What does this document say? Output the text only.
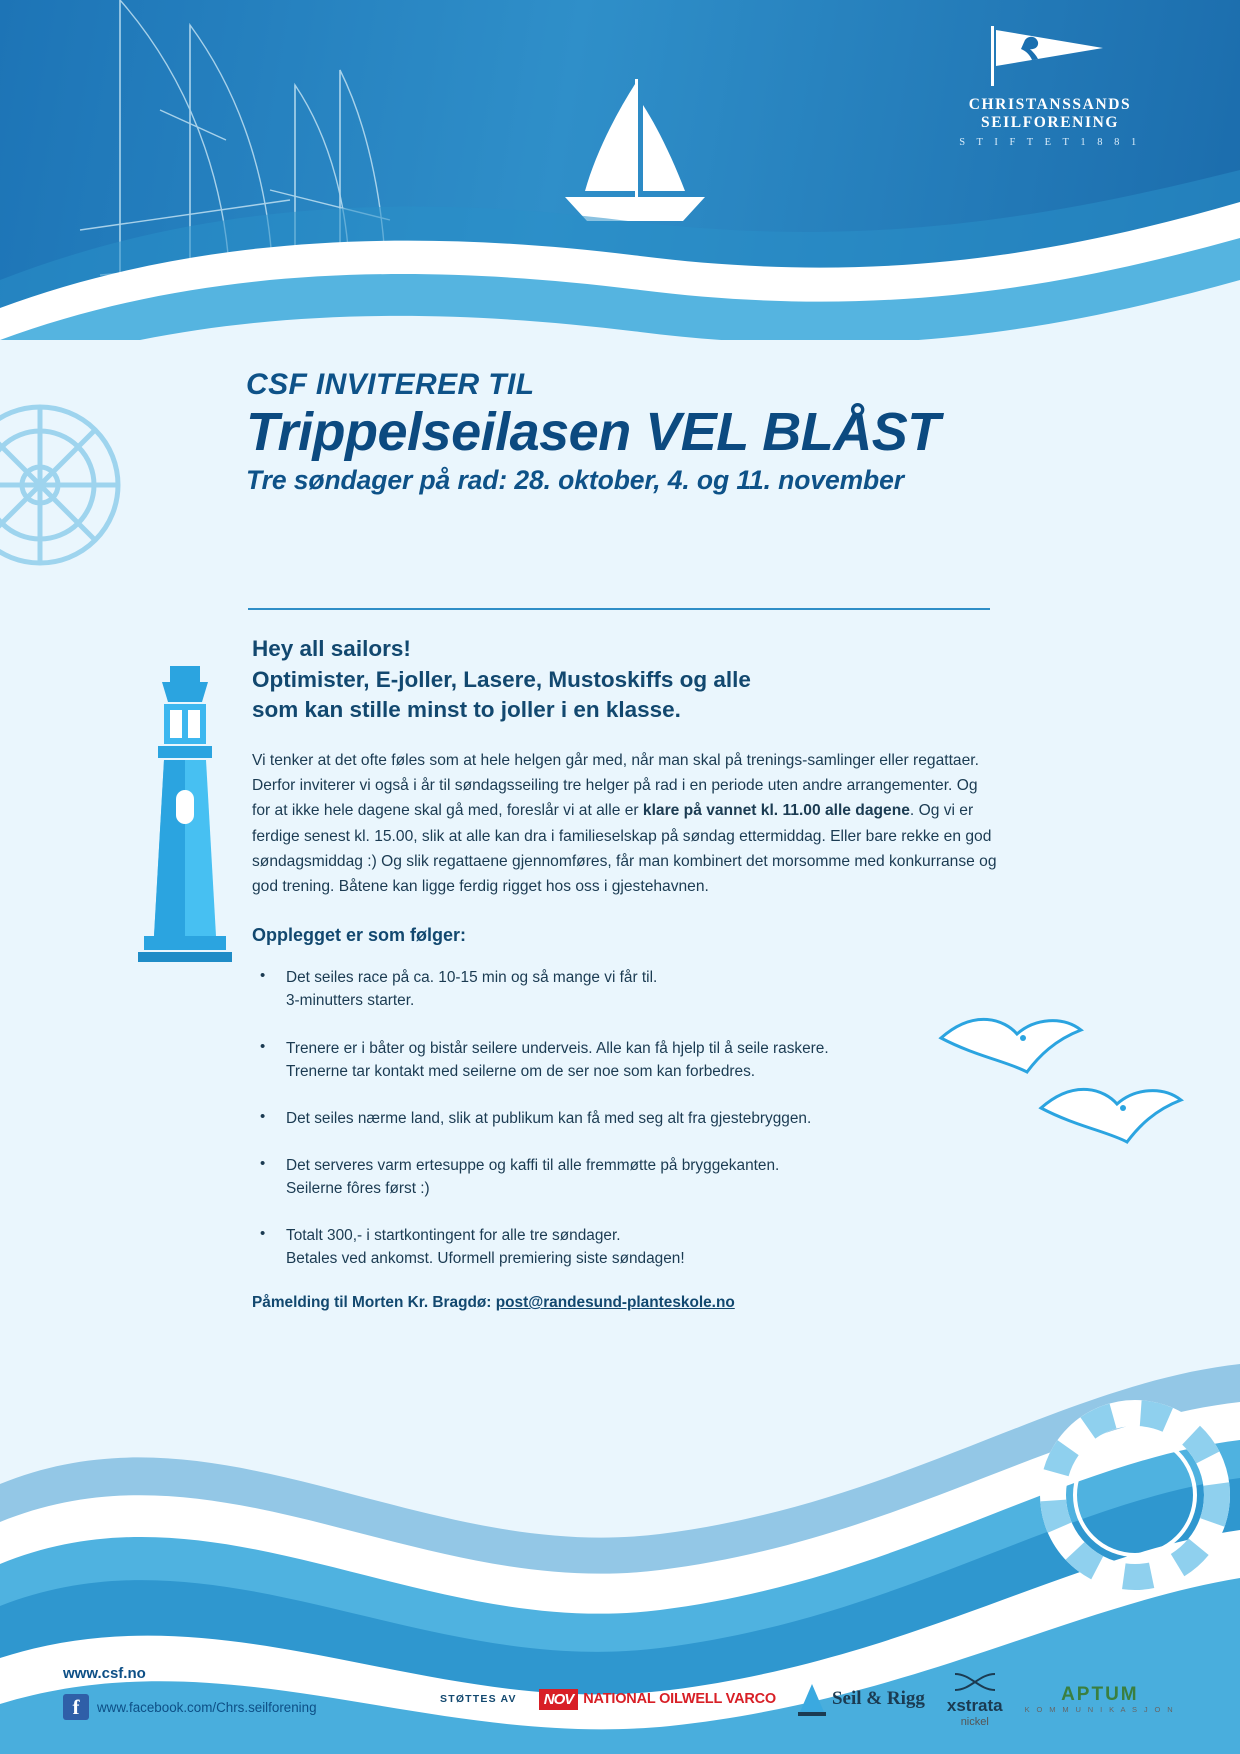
CHRISTANSSANDS SEILFORENING
S T I F T E T 1 8 8 1
CSF INVITERER TIL
Trippelseilasen VEL BLÅST
Tre søndager på rad: 28. oktober, 4. og 11. november
Hey all sailors!
Optimister, E-joller, Lasere, Mustoskiffs og alle
som kan stille minst to joller i en klasse.

Vi tenker at det ofte føles som at hele helgen går med, når man skal på trenings-samlinger eller regattaer. Derfor inviterer vi også i år til søndagsseiling tre helger på rad i en periode uten andre arrangementer. Og for at ikke hele dagene skal gå med, foreslår vi at alle er klare på vannet kl. 11.00 alle dagene. Og vi er ferdige senest kl. 15.00, slik at alle kan dra i familieselskap på søndag ettermiddag. Eller bare rekke en god søndagsmiddag :) Og slik regattaene gjennomføres, får man kombinert det morsomme med konkurranse og god trening. Båtene kan ligge ferdig rigget hos oss i gjestehavnen.

Opplegget er som følger:
• Det seiles race på ca. 10-15 min og så mange vi får til.
3-minutters starter.
• Trenere er i båter og bistår seilere underveis. Alle kan få hjelp til å seile raskere.
Trenerne tar kontakt med seilerne om de ser noe som kan forbedres.
• Det seiles nærme land, slik at publikum kan få med seg alt fra gjestebryggen.
• Det serveres varm ertesuppe og kaffi til alle fremmøtte på bryggekanten.
Seilerne fôres først :)
• Totalt 300,- i startkontingent for alle tre søndager.
Betales ved ankomst. Uformell premiering siste søndagen!
Påmelding til Morten Kr. Bragdø: post@randesund-planteskole.no
www.csf.no
f	www.facebook.com/Chrs.seilforening
STØTTES AV	NOV NATIONAL OILWELL VARCO	Seil & Rigg xstrata
nickel
APTUM
K O M M U N I K A S J O N
